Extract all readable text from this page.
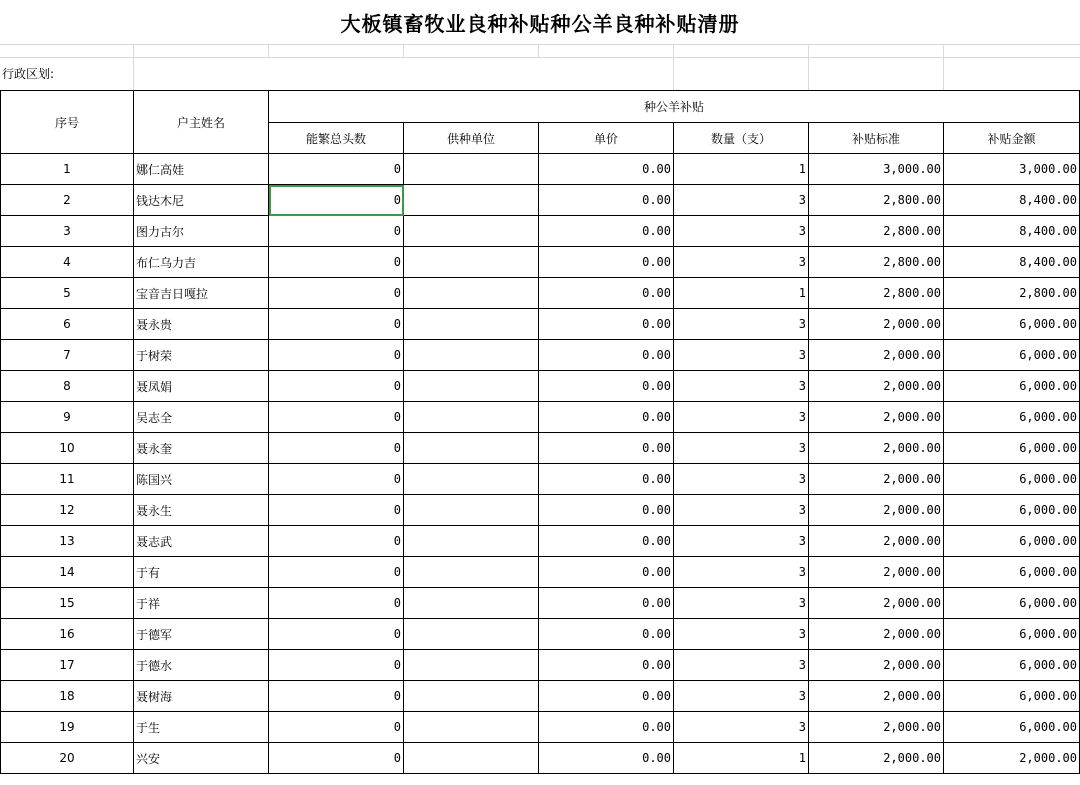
大板镇畜牧业良种补贴种公羊良种补贴清册
行政区划:
序号	户主姓名	种公羊补贴					
		能繁总头数	供种单位	单价	数量（支）	补贴标准	补贴金额
1	娜仁高娃	0		0.00	1	3,000.00	3,000.00
2	钱达木尼	0		0.00	3	2,800.00	8,400.00
3	图力古尔	0		0.00	3	2,800.00	8,400.00
4	布仁乌力吉	0		0.00	3	2,800.00	8,400.00
5	宝音吉日嘎拉	0		0.00	1	2,800.00	2,800.00
6	聂永贵	0		0.00	3	2,000.00	6,000.00
7	于树荣	0		0.00	3	2,000.00	6,000.00
8	聂凤娟	0		0.00	3	2,000.00	6,000.00
9	吴志全	0		0.00	3	2,000.00	6,000.00
10	聂永奎	0		0.00	3	2,000.00	6,000.00
11	陈国兴	0		0.00	3	2,000.00	6,000.00
12	聂永生	0		0.00	3	2,000.00	6,000.00
13	聂志武	0		0.00	3	2,000.00	6,000.00
14	于有	0		0.00	3	2,000.00	6,000.00
15	于祥	0		0.00	3	2,000.00	6,000.00
16	于德军	0		0.00	3	2,000.00	6,000.00
17	于德水	0		0.00	3	2,000.00	6,000.00
18	聂树海	0		0.00	3	2,000.00	6,000.00
19	于生	0		0.00	3	2,000.00	6,000.00
20	兴安	0		0.00	1	2,000.00	2,000.00
